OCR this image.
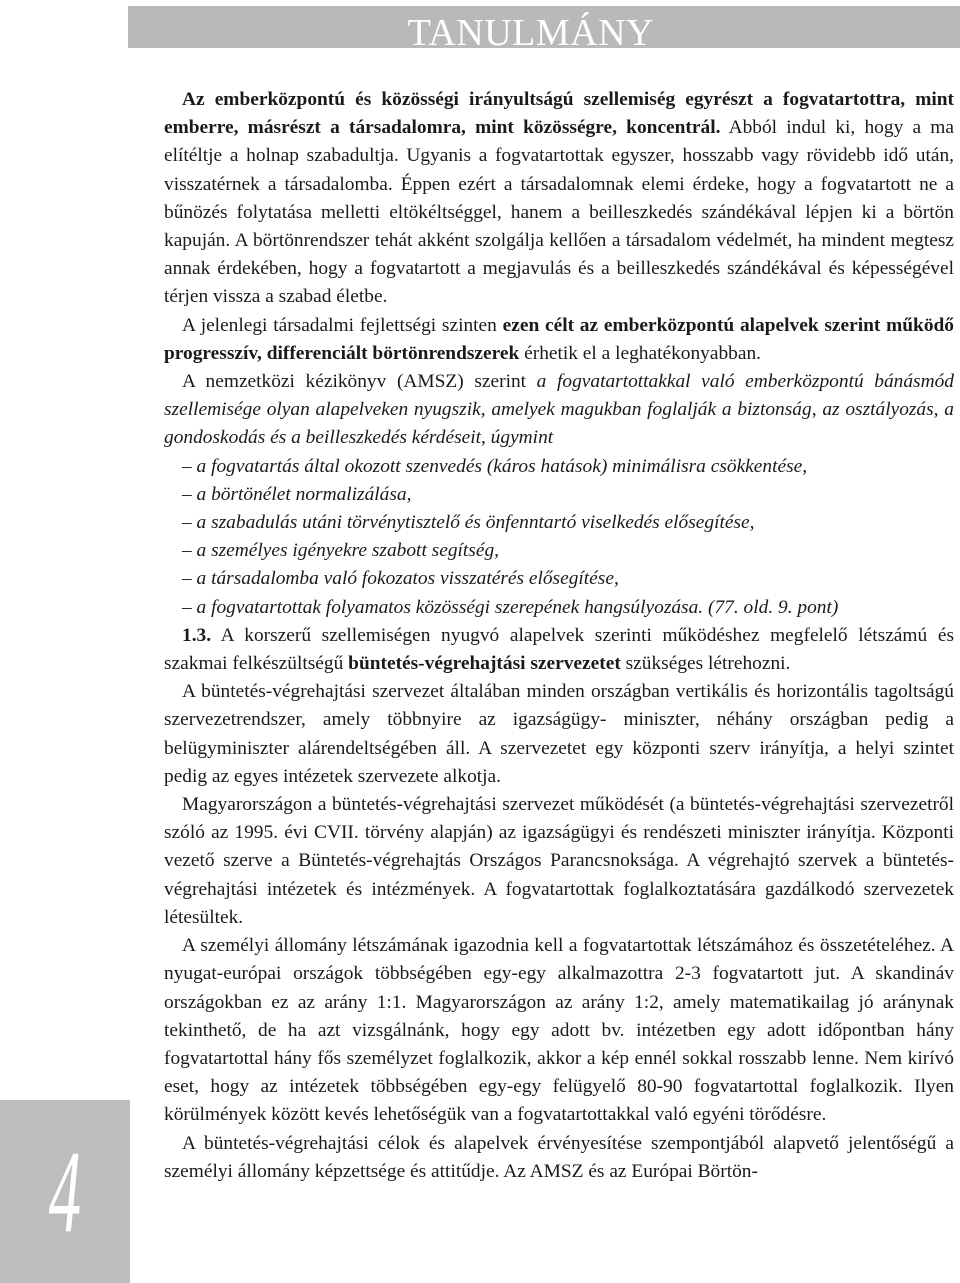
TANULMÁNY

Az emberközpontú és közösségi irányultságú szellemiség egyrészt a fogvatartottra, mint emberre, másrészt a társadalomra, mint közösségre, koncentrál. Abból indul ki, hogy a ma elítéltje a holnap szabadultja. Ugyanis a fogvatartottak egyszer, hosszabb vagy rövidebb idő után, visszatérnek a társadalomba. Éppen ezért a társadalomnak elemi érdeke, hogy a fogvatartott ne a bűnözés folytatása melletti eltökéltséggel, hanem a beilleszkedés szándékával lépjen ki a börtön kapuján. A börtönrendszer tehát akként szolgálja kellően a társadalom védelmét, ha mindent megtesz annak érdekében, hogy a fogvatartott a megjavulás és a beilleszkedés szándékával és képességével térjen vissza a szabad életbe.

A jelenlegi társadalmi fejlettségi szinten ezen célt az emberközpontú alapelvek szerint működő progresszív, differenciált börtönrendszerek érhetik el a leghatékonyabban.

A nemzetközi kézikönyv (AMSZ) szerint a fogvatartottakkal való emberközpontú bánásmód szellemisége olyan alapelveken nyugszik, amelyek magukban foglalják a biztonság, az osztályozás, a gondoskodás és a beilleszkedés kérdéseit, úgymint

– a fogvatartás által okozott szenvedés (káros hatások) minimálisra csökkentése,

– a börtönélet normalizálása,

– a szabadulás utáni törvénytisztelő és önfenntartó viselkedés elősegítése,

– a személyes igényekre szabott segítség,

– a társadalomba való fokozatos visszatérés elősegítése,

– a fogvatartottak folyamatos közösségi szerepének hangsúlyozása. (77. old. 9. pont)

1.3. A korszerű szellemiségen nyugvó alapelvek szerinti működéshez megfelelő létszámú és szakmai felkészültségű büntetés-végrehajtási szervezetet szükséges létrehozni.

A büntetés-végrehajtási szervezet általában minden országban vertikális és horizontális tagoltságú szervezetrendszer, amely többnyire az igazságügy- miniszter, néhány országban pedig a belügyminiszter alárendeltségében áll. A szervezetet egy központi szerv irányítja, a helyi szintet pedig az egyes intézetek szervezete alkotja.

Magyarországon a büntetés-végrehajtási szervezet működését (a büntetés-végrehajtási szervezetről szóló az 1995. évi CVII. törvény alapján) az igazságügyi és rendészeti miniszter irányítja. Központi vezető szerve a Büntetés-végrehajtás Országos Parancsnoksága. A végrehajtó szervek a büntetés-végrehajtási intézetek és intézmények. A fogvatartottak foglalkoztatására gazdálkodó szervezetek létesültek.

A személyi állomány létszámának igazodnia kell a fogvatartottak létszámához és összetételéhez. A nyugat-európai országok többségében egy-egy alkalmazottra 2-3 fogvatartott jut. A skandináv országokban ez az arány 1:1. Magyarországon az arány 1:2, amely matematikailag jó aránynak tekinthető, de ha azt vizsgálnánk, hogy egy adott bv. intézetben egy adott időpontban hány fogvatartottal hány fős személyzet foglalkozik, akkor a kép ennél sokkal rosszabb lenne. Nem kirívó eset, hogy az intézetek többségében egy-egy felügyelő 80-90 fogvatartottal foglalkozik. Ilyen körülmények között kevés lehetőségük van a fogvatartottakkal való egyéni törődésre.

A büntetés-végrehajtási célok és alapelvek érvényesítése szempontjából alapvető jelentőségű a személyi állomány képzettsége és attitűdje. Az AMSZ és az Európai Börtön-

4
